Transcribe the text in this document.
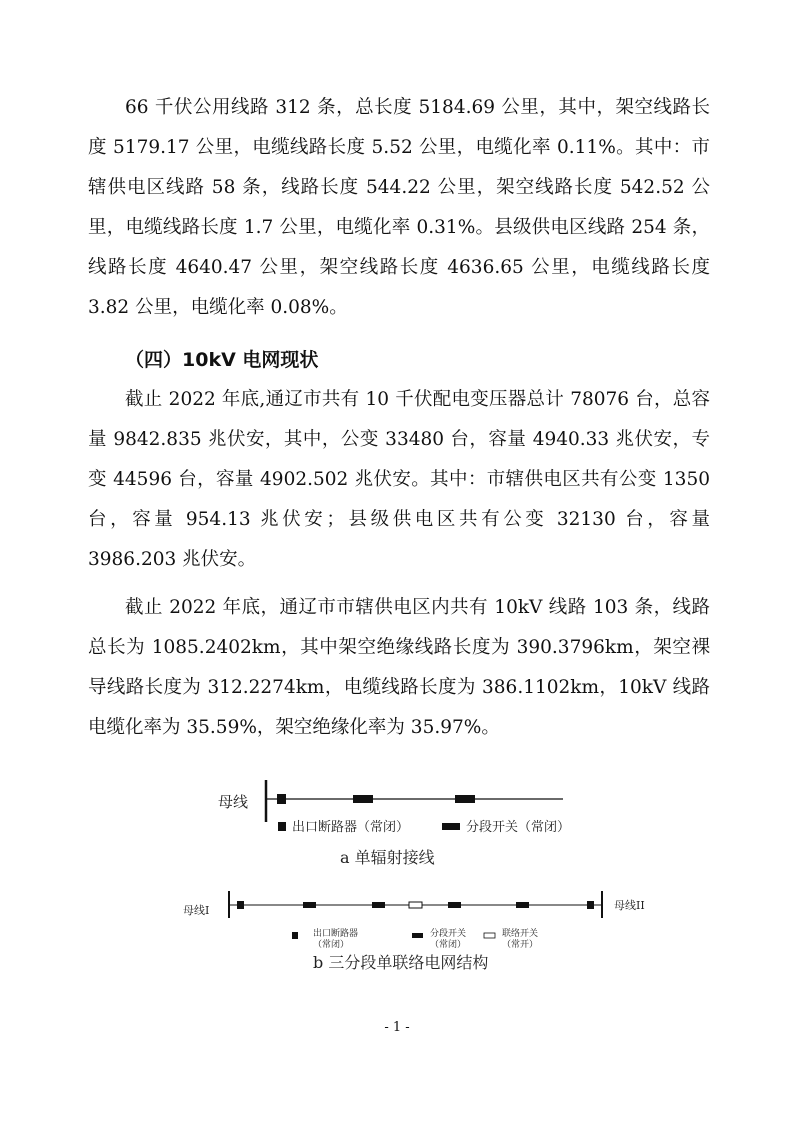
66 千伏公用线路 312 条，总长度 5184.69 公里，其中，架空线路长度 5179.17 公里，电缆线路长度 5.52 公里，电缆化率 0.11%。其中：市辖供电区线路 58 条，线路长度 544.22 公里，架空线路长度 542.52 公里，电缆线路长度 1.7 公里，电缆化率 0.31%。县级供电区线路 254 条，线路长度 4640.47 公里，架空线路长度 4636.65 公里，电缆线路长度 3.82 公里，电缆化率 0.08%。

（四）10kV 电网现状

截止 2022 年底,通辽市共有 10 千伏配电变压器总计 78076 台，总容量 9842.835 兆伏安，其中，公变 33480 台，容量 4940.33 兆伏安，专变 44596 台，容量 4902.502 兆伏安。其中：市辖供电区共有公变 1350 台，容量 954.13 兆伏安；县级供电区共有公变 32130 台，容量 3986.203 兆伏安。

截止 2022 年底，通辽市市辖供电区内共有 10kV 线路 103 条，线路总长为 1085.2402km，其中架空绝缘线路长度为 390.3796km，架空裸导线路长度为 312.2274km，电缆线路长度为 386.1102km，10kV 线路电缆化率为 35.59%，架空绝缘化率为 35.97%。

母线
出口断路器（常闭）	分段开关（常闭）
a 单辐射接线
母线I	母线II
出口断路器
（常闭）
分段开关
（常闭）
联络开关
（常开）
b 三分段单联络电网结构
- 1 -
